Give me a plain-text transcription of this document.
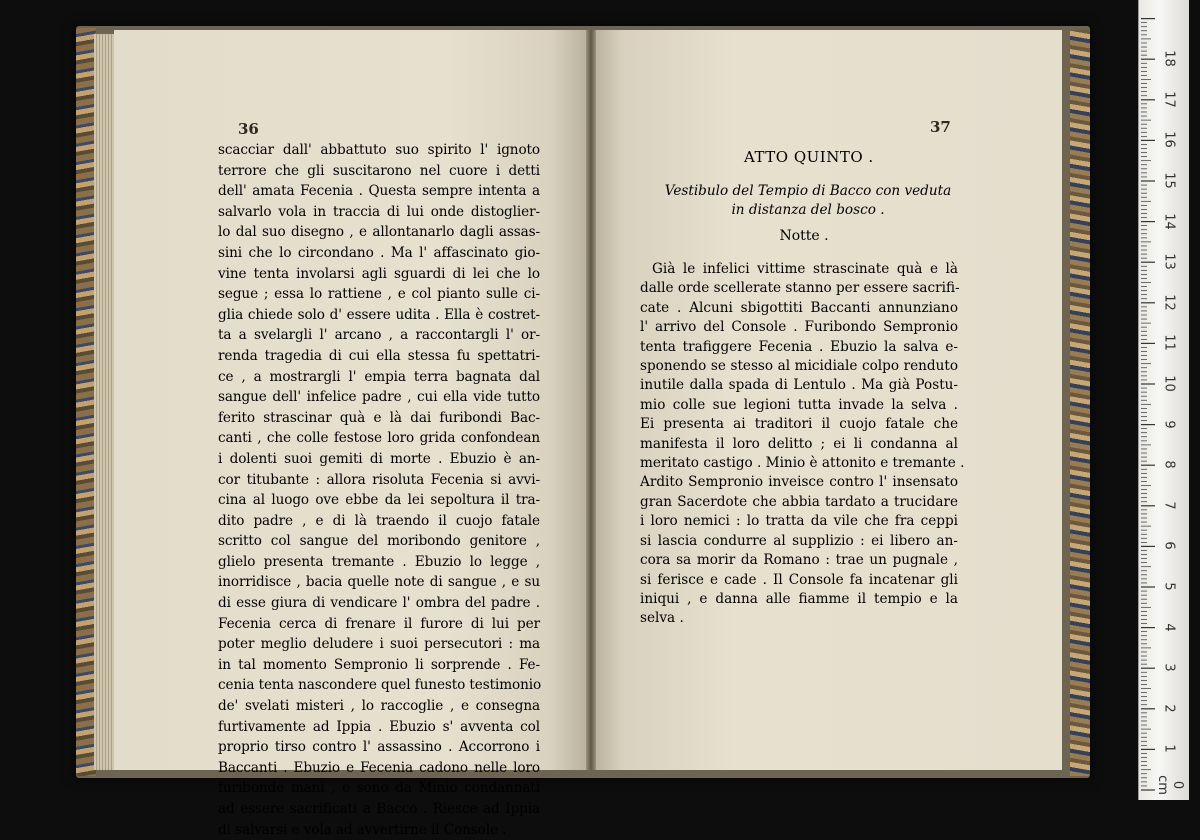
36	37
scacciar dall' abbattuto suo spirito l' ignoto
terrore che gli suscitarono nel cuore i detti
dell' amata Fecenia . Questa sempre intenta a
salvarlo vola in traccia di lui onde distoglier-
lo dal suo disegno , e allontanarlo dagli assas-
sini che lo circondano . Ma l' affascinato gio-
vine tenta involarsi agli sguardi di lei che lo
segue ; essa lo rattiene , e col pianto sulle ci-
glia chiede solo d' essere udita . Ella è costret-
ta a svelargli l' arcano , a raccontargli l' or-
renda tragedia di cui ella stessa fu spettatri-
ce , a mostrargli l' empia terra bagnata dal
sangue dell' infelice padre , cui ella vide tutto
ferito strascinar quà e là dai furibondi Bac-
canti , che colle festose loro grida confondean
i dolenti suoi gemiti di morte . Ebuzio è an-
cor titubante : allora risoluta Fecenia si avvi-
cina al luogo ove ebbe da lei sepoltura il tra-
dito padre , e di là traendo il cuojo fatale
scritto col sangue del moribondo genitore ,
glielo presenta tremante . Ebuzio lo legge ,
inorridisce , bacia quelle note di sangue , e su
di esse giura di vendicare l' ombra del padre .
Fecenia cerca di frenare il furore di lui per
poter meglio deludere i suoi persecutori : ma
in tal momento Sempronio li sorprende . Fe-
cenia tenta nascondere quel funesto testimonio
de' svelati misteri , lo raccoglie , e consegna
furtivamente ad Ippia . Ebuzio s' avventa col
proprio tirso contro l' assassino . Accorrono i
Baccanti . Ebuzio e Fecenia cadono nelle loro
furibonde mani , e sono da Minio condannati
ad essere sacrificati a Bacco . Riesce ad Ippia
di salvarsi e vola ad avvertirne il Console .
ATTO QUINTO .
Vestibulo del Tempio di Bacco con veduta
in distanza del bosco .
Notte .
Già le infelici vittime strascinate quà e là
dalle orde scellerate stanno per essere sacrifi-
cate . Alcuni sbigottiti Baccanti annunziano
l' arrivo del Console . Furibondo Sempronio
tenta trafiggere Fecenia . Ebuzio la salva e-
sponendo se stesso al micidiale colpo renduto
inutile dalla spada di Lentulo . Ma già Postu-
mio colle sue legioni tutta invade la selva .
Ei presenta ai traditori il cuojo fatale che
manifesta il loro delitto ; ei li condanna al
meritato castigo . Minio è attonito e tremante .
Ardito Sempronio inveisce contro l' insensato
gran Sacerdote che abbia tardato a trucidare
i loro nemici : lo tratta da vile che fra ceppi
si lascia condurre al supplizio : ei libero an-
cora sa morir da Romano : trae un pugnale ,
si ferisce e cade . Il Console fa incatenar gli
iniqui , e danna alle fiamme il tempio e la
selva .
1
2
3
4
5
6
7
8
9
10
11
12
13
14
15
16
17
18
0 cm
